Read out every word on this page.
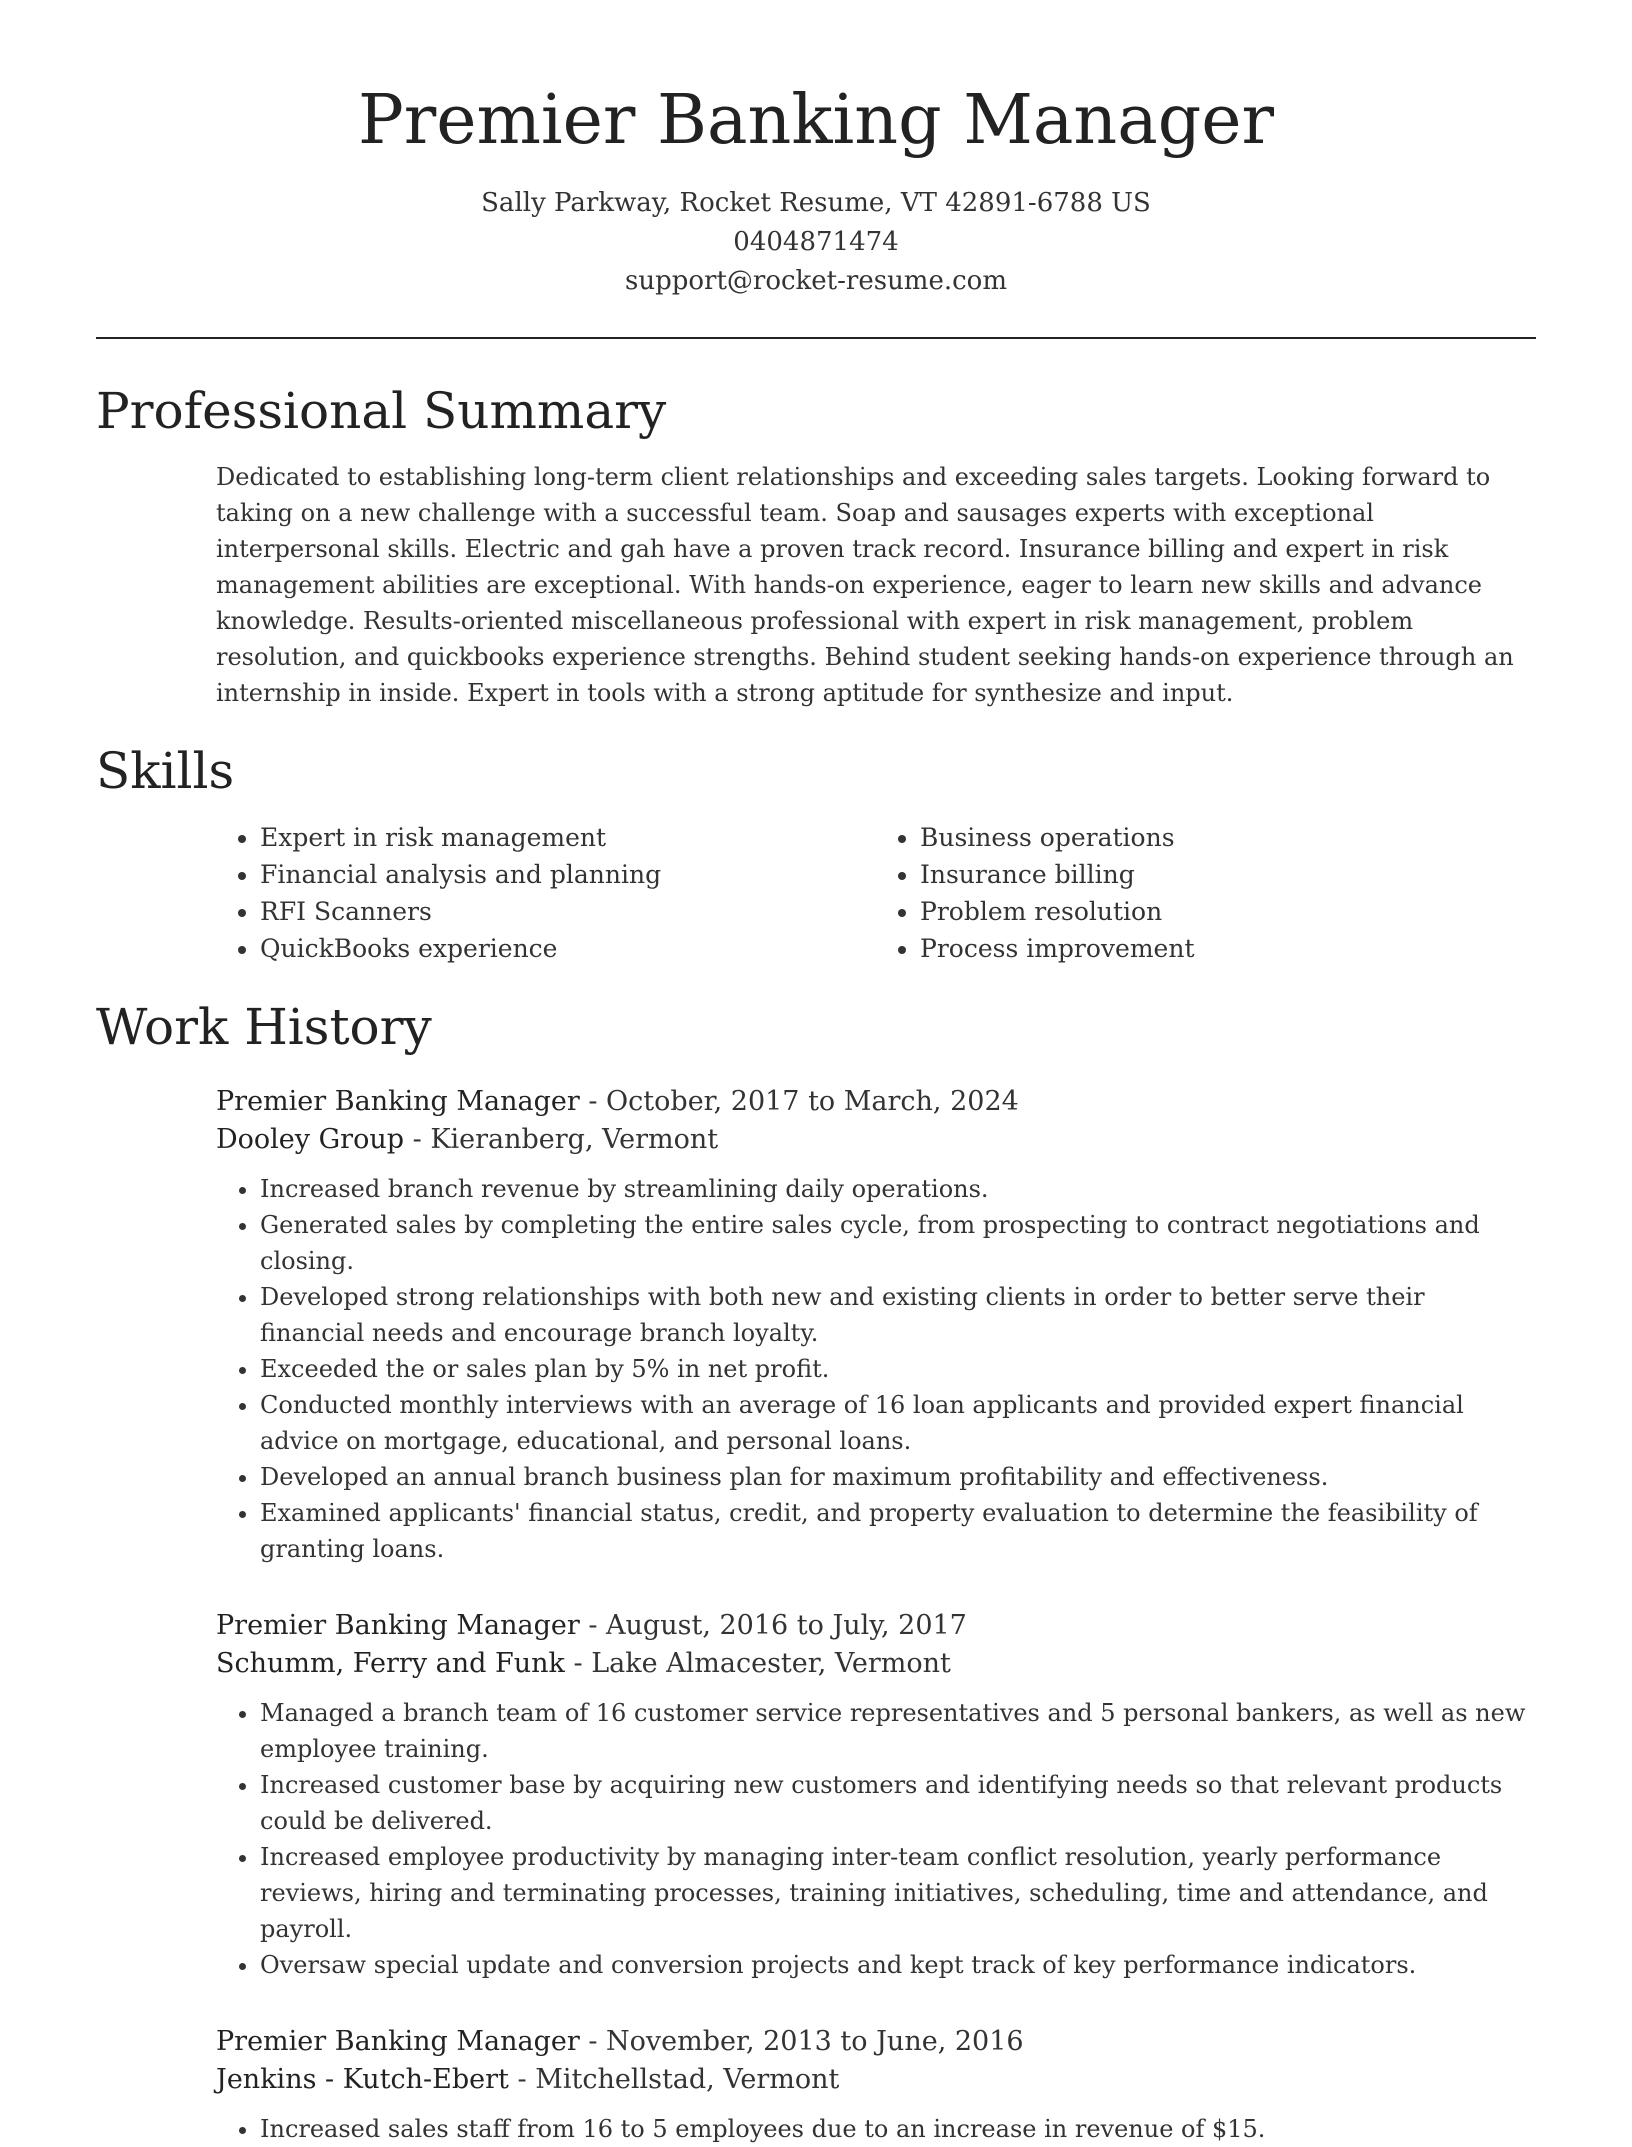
Premier Banking Manager
Sally Parkway, Rocket Resume, VT 42891-6788 US
0404871474
support@rocket-resume.com
Professional Summary

Dedicated to establishing long-term client relationships and exceeding sales targets. Looking forward to taking on a new challenge with a successful team. Soap and sausages experts with exceptional interpersonal skills. Electric and gah have a proven track record. Insurance billing and expert in risk management abilities are exceptional. With hands-on experience, eager to learn new skills and advance knowledge. Results-oriented miscellaneous professional with expert in risk management, problem resolution, and quickbooks experience strengths. Behind student seeking hands-on experience through an internship in inside. Expert in tools with a strong aptitude for synthesize and input.

Skills
• Expert in risk management
• Financial analysis and planning
• RFI Scanners
• QuickBooks experience
• Business operations
• Insurance billing
• Problem resolution
• Process improvement
Work History
Premier Banking Manager - October, 2017 to March, 2024
Dooley Group - Kieranberg, Vermont
• Increased branch revenue by streamlining daily operations.
• Generated sales by completing the entire sales cycle, from prospecting to contract negotiations and closing.
• Developed strong relationships with both new and existing clients in order to better serve their financial needs and encourage branch loyalty.
• Exceeded the or sales plan by 5% in net profit.
• Conducted monthly interviews with an average of 16 loan applicants and provided expert financial advice on mortgage, educational, and personal loans.
• Developed an annual branch business plan for maximum profitability and effectiveness.
• Examined applicants' financial status, credit, and property evaluation to determine the feasibility of granting loans.
Premier Banking Manager - August, 2016 to July, 2017
Schumm, Ferry and Funk - Lake Almacester, Vermont
• Managed a branch team of 16 customer service representatives and 5 personal bankers, as well as new employee training.
• Increased customer base by acquiring new customers and identifying needs so that relevant products could be delivered.
• Increased employee productivity by managing inter-team conflict resolution, yearly performance reviews, hiring and terminating processes, training initiatives, scheduling, time and attendance, and payroll.
• Oversaw special update and conversion projects and kept track of key performance indicators.
Premier Banking Manager - November, 2013 to June, 2016
Jenkins - Kutch-Ebert - Mitchellstad, Vermont
• Increased sales staff from 16 to 5 employees due to an increase in revenue of $15.
